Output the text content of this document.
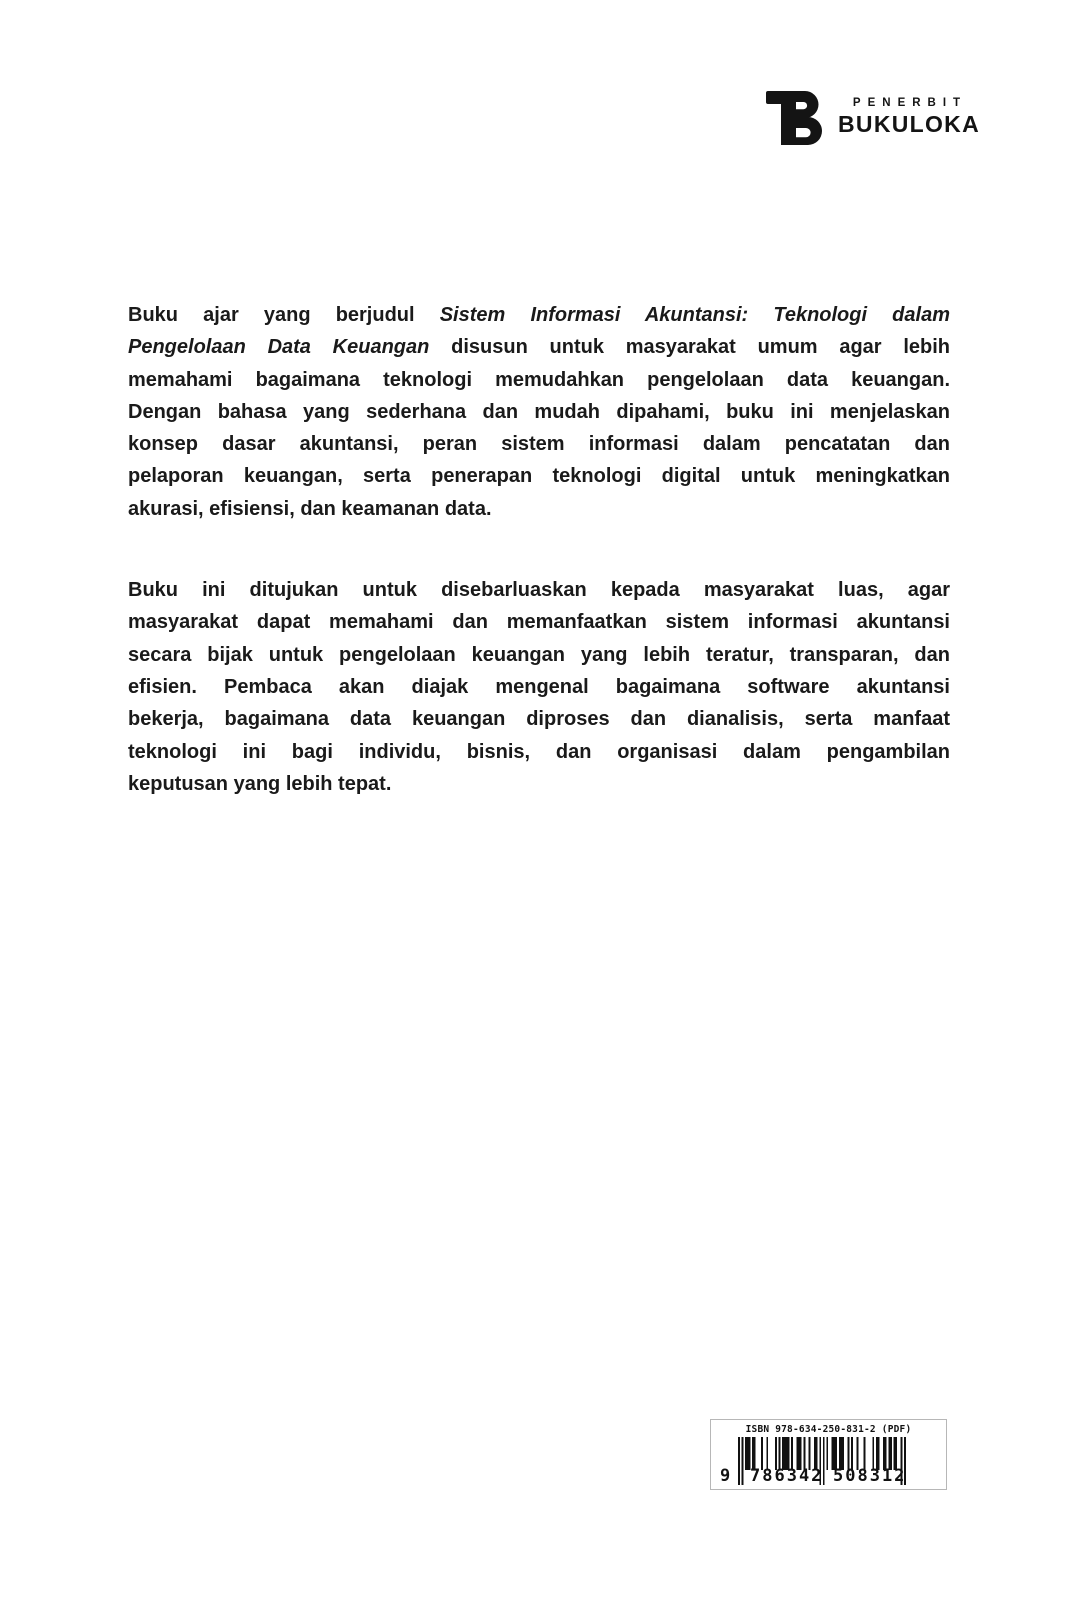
PENERBIT
BUKULOKA
Buku ajar yang berjudul Sistem Informasi Akuntansi: Teknologi dalam
Pengelolaan Data Keuangan disusun untuk masyarakat umum agar lebih
memahami bagaimana teknologi memudahkan pengelolaan data keuangan.
Dengan bahasa yang sederhana dan mudah dipahami, buku ini menjelaskan
konsep dasar akuntansi, peran sistem informasi dalam pencatatan dan
pelaporan keuangan, serta penerapan teknologi digital untuk meningkatkan
akurasi, efisiensi, dan keamanan data.
Buku ini ditujukan untuk disebarluaskan kepada masyarakat luas, agar
masyarakat dapat memahami dan memanfaatkan sistem informasi akuntansi
secara bijak untuk pengelolaan keuangan yang lebih teratur, transparan, dan
efisien. Pembaca akan diajak mengenal bagaimana software akuntansi
bekerja, bagaimana data keuangan diproses dan dianalisis, serta manfaat
teknologi ini bagi individu, bisnis, dan organisasi dalam pengambilan
keputusan yang lebih tepat.
ISBN 978-634-250-831-2 (PDF)
9 786342 508312
